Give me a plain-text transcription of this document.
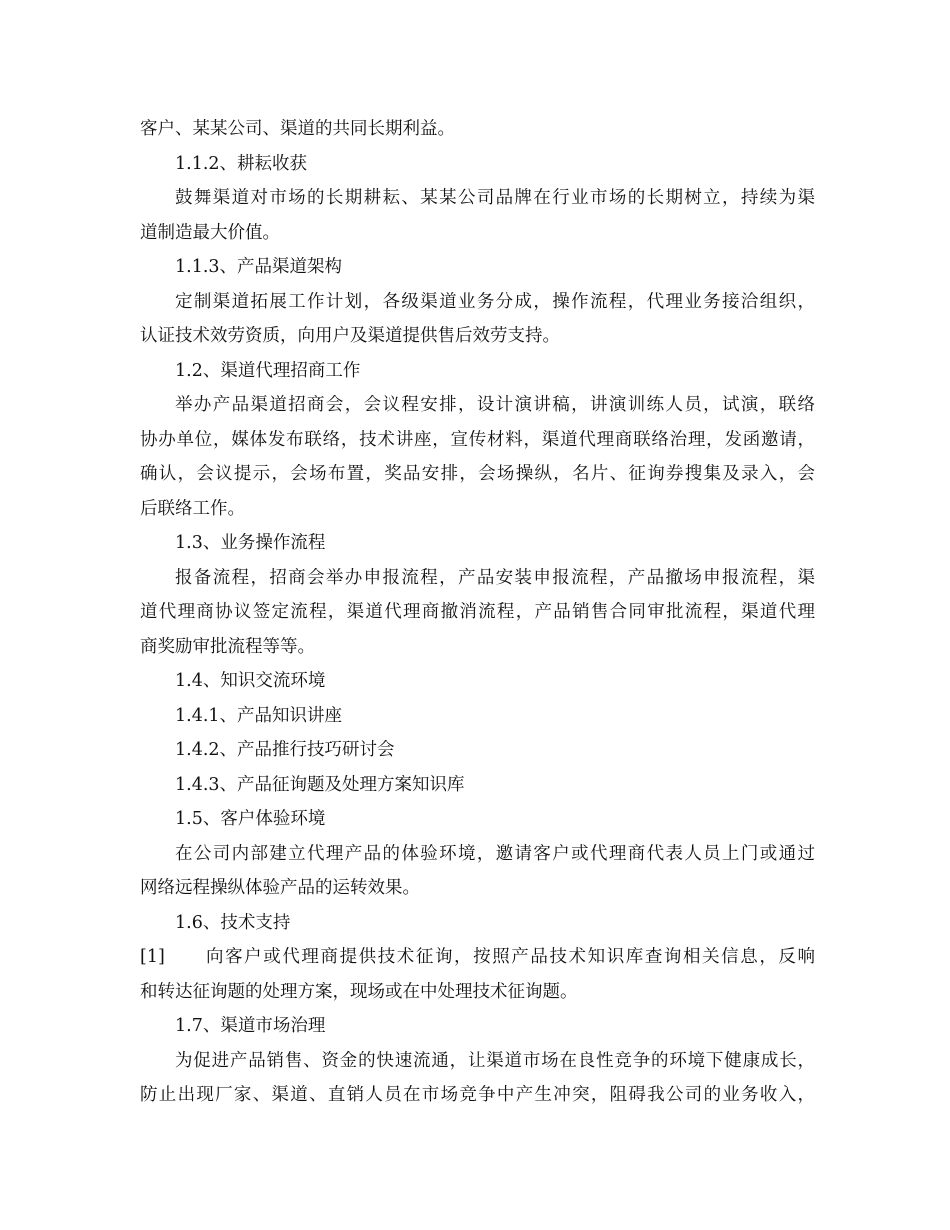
客户、某某公司、渠道的共同长期利益。
1.1.2、耕耘收获
鼓舞渠道对市场的长期耕耘、某某公司品牌在行业市场的长期树立，持续为渠
道制造最大价值。
1.1.3、产品渠道架构
定制渠道拓展工作计划，各级渠道业务分成，操作流程，代理业务接洽组织，
认证技术效劳资质，向用户及渠道提供售后效劳支持。
1.2、渠道代理招商工作
举办产品渠道招商会，会议程安排，设计演讲稿，讲演训练人员，试演，联络
协办单位，媒体发布联络，技术讲座，宣传材料，渠道代理商联络治理，发函邀请，
确认，会议提示，会场布置，奖品安排，会场操纵，名片、征询券搜集及录入，会
后联络工作。
1.3、业务操作流程
报备流程，招商会举办申报流程，产品安装申报流程，产品撤场申报流程，渠
道代理商协议签定流程，渠道代理商撤消流程，产品销售合同审批流程，渠道代理
商奖励审批流程等等。
1.4、知识交流环境
1.4.1、产品知识讲座
1.4.2、产品推行技巧研讨会
1.4.3、产品征询题及处理方案知识库
1.5、客户体验环境
在公司内部建立代理产品的体验环境，邀请客户或代理商代表人员上门或通过
网络远程操纵体验产品的运转效果。
1.6、技术支持
[1]	向客户或代理商提供技术征询，按照产品技术知识库查询相关信息，反响
和转达征询题的处理方案，现场或在中处理技术征询题。
1.7、渠道市场治理
为促进产品销售、资金的快速流通，让渠道市场在良性竞争的环境下健康成长，
防止出现厂家、渠道、直销人员在市场竞争中产生冲突，阻碍我公司的业务收入，
